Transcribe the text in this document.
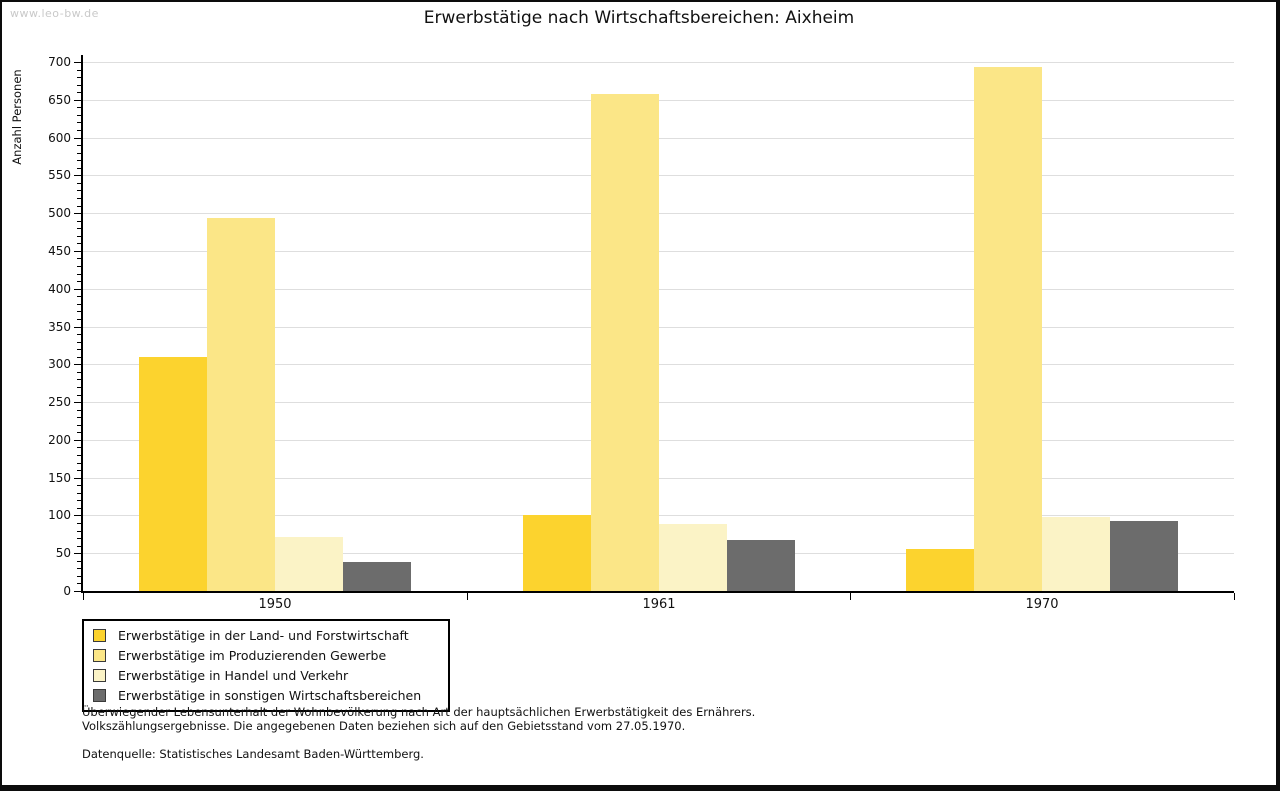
www.leo-bw.de	Erwerbstätige nach Wirtschaftsbereichen: Aixheim
Anzahl Personen
0
50
100
150
200
250
300
350
400
450
500
550
600
650
700
1950	1961	1970
Erwerbstätige in der Land- und Forstwirtschaft
Erwerbstätige im Produzierenden Gewerbe
Erwerbstätige in Handel und Verkehr
Erwerbstätige in sonstigen Wirtschaftsbereichen
Überwiegender Lebensunterhalt der Wohnbevölkerung nach Art der hauptsächlichen Erwerbstätigkeit des Ernährers.
Volkszählungsergebnisse. Die angegebenen Daten beziehen sich auf den Gebietsstand vom 27.05.1970.
Datenquelle: Statistisches Landesamt Baden-Württemberg.
